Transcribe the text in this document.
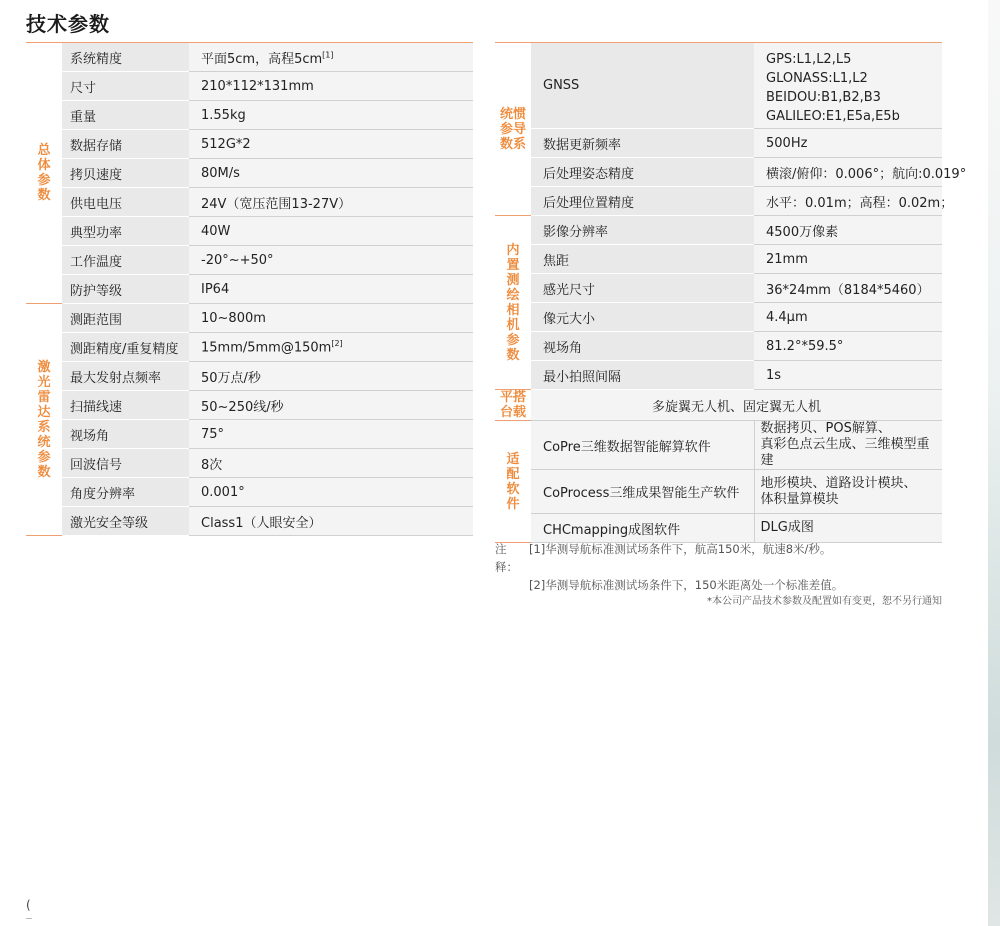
技术参数
总体参数	系统精度	平面5cm，高程5cm[1]
	尺寸	210*112*131mm
	重量	1.55kg
	数据存储	512G*2
	拷贝速度	80M/s
	供电电压	24V（宽压范围13-27V）
	典型功率	40W
	工作温度	-20°~+50°
	防护等级	IP64
激光雷达系统参数	测距范围	10~800m
	测距精度/重复精度	15mm/5mm@150m[2]
	最大发射点频率	50万点/秒
	扫描线速	50~250线/秒
	视场角	75°
	回波信号	8次
	角度分辨率	0.001°
	激光安全等级	Class1（人眼安全）
统惯参导数系	GNSS	GPS:L1,L2,L5
GLONASS:L1,L2
BEIDOU:B1,B2,B3
GALILEO:E1,E5a,E5b

	数据更新频率	500Hz
	后处理姿态精度	横滚/俯仰：0.006°；航向:0.019°
	后处理位置精度	水平：0.01m；高程：0.02m；
内置测绘相机参数	影像分辨率	4500万像素
	焦距	21mm
	感光尺寸	36*24mm（8184*5460）
	像元大小	4.4μm
	视场角	81.2°*59.5°
	最小拍照间隔	1s
平搭台载	多旋翼无人机、固定翼无人机	
适配软件	CoPre三维数据智能解算软件	数据拷贝、POS解算、
真彩色点云生成、三维模型重建

	CoProcess三维成果智能生产软件	地形模块、道路设计模块、
体积量算模块

	CHCmapping成图软件	DLG成图
注释：
[1]华测导航标准测试场条件下，航高150米，航速8米/秒。
[2]华测导航标准测试场条件下，150米距离处一个标准差值。
*本公司产品技术参数及配置如有变更，恕不另行通知
(
